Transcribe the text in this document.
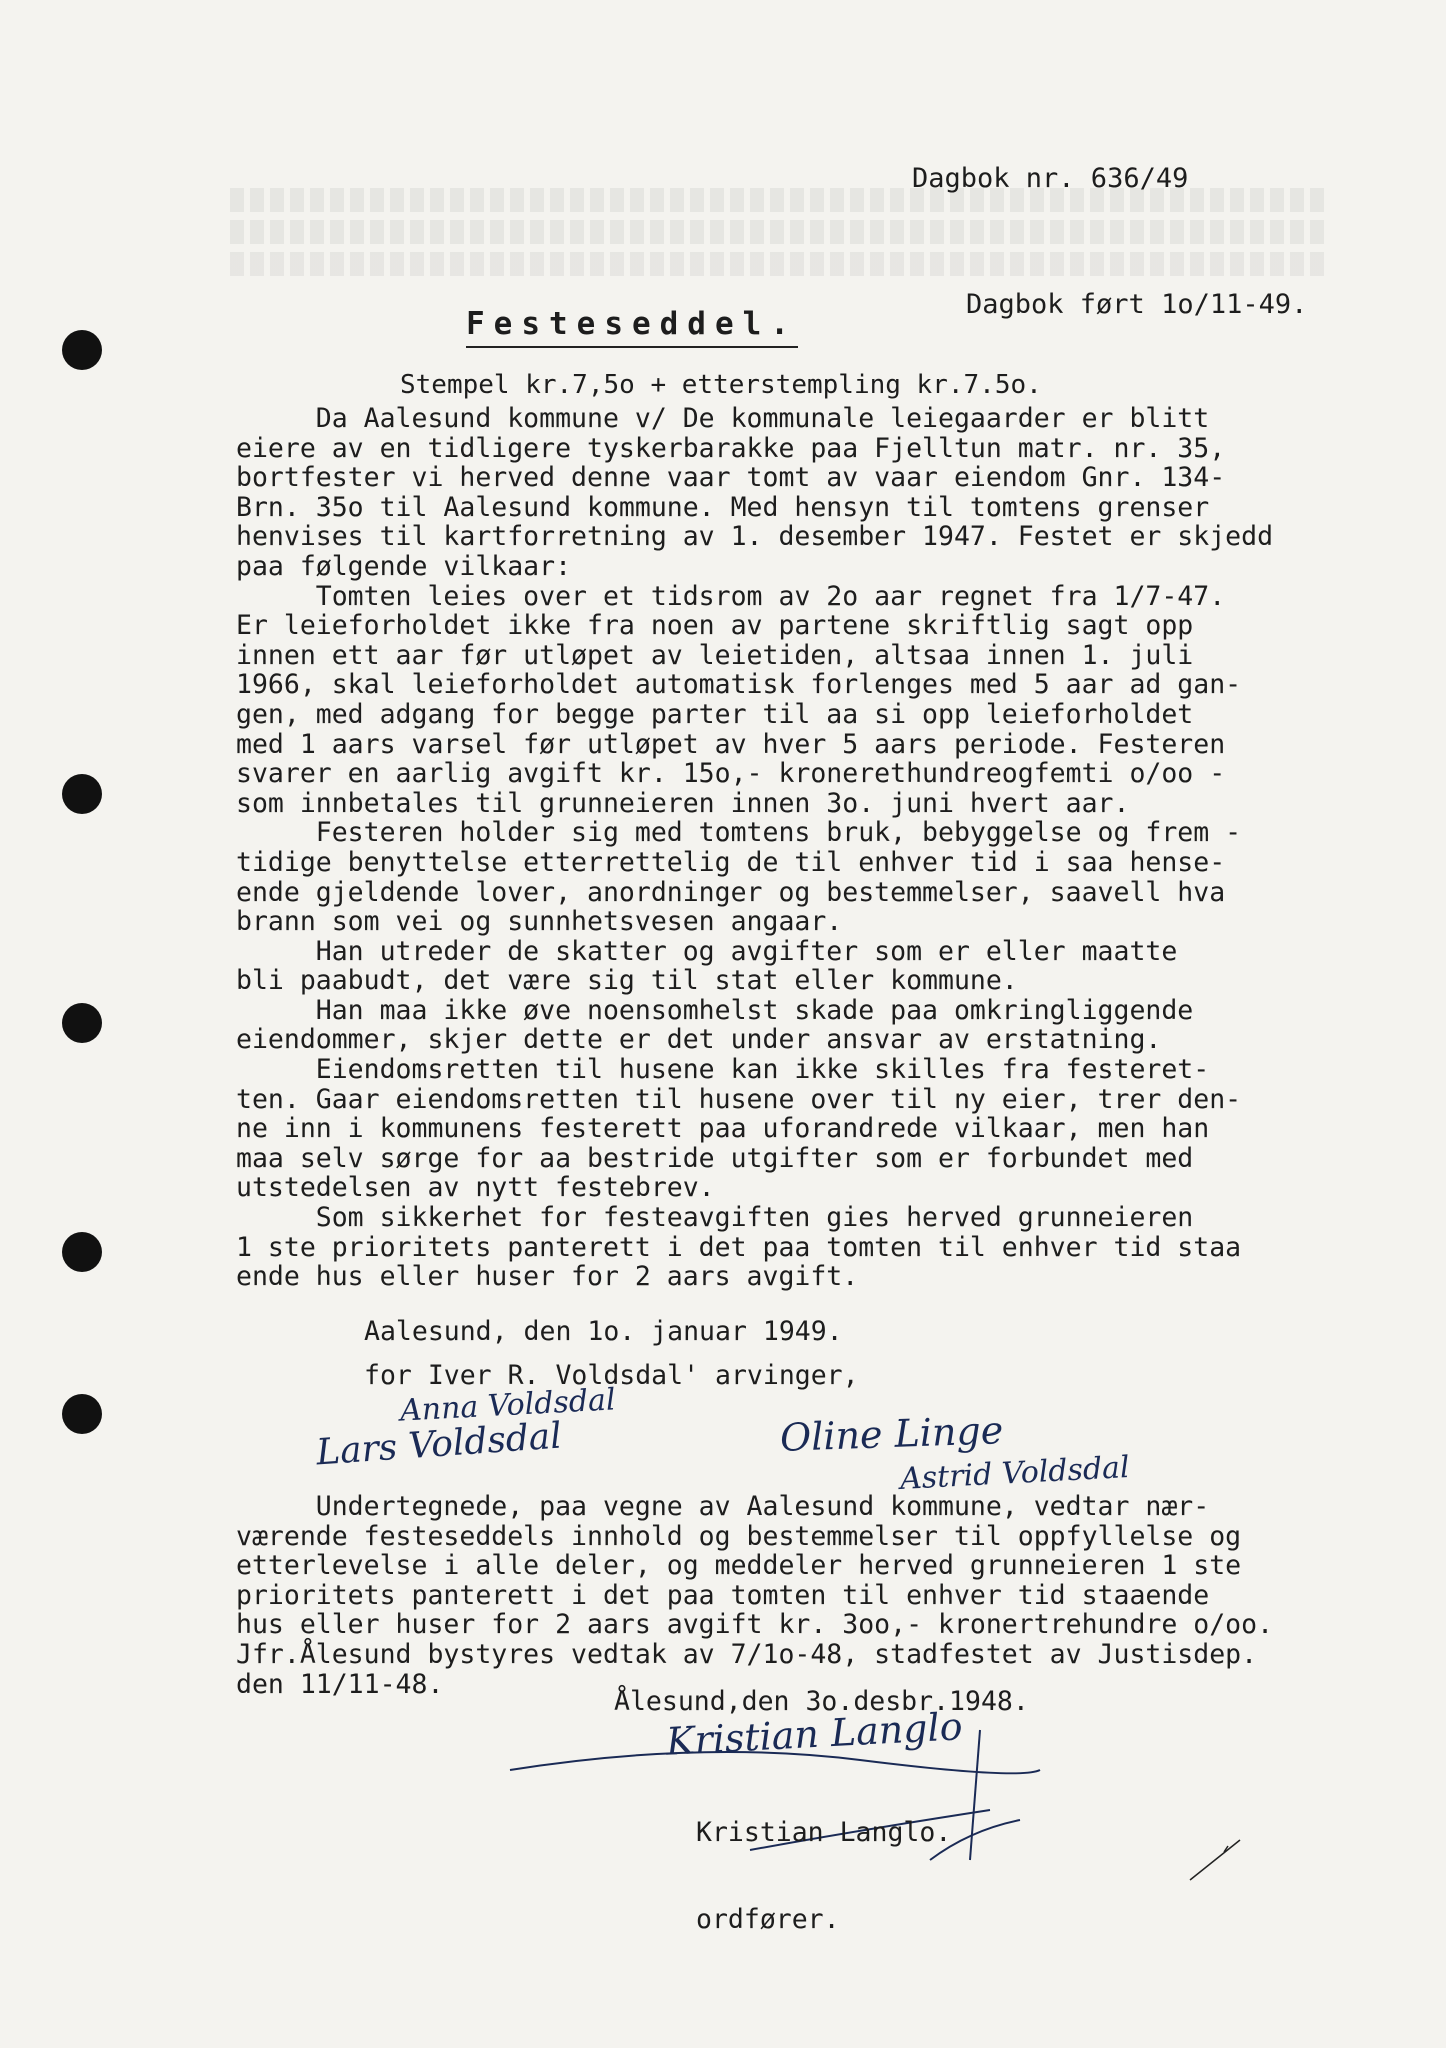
Dagbok nr. 636/49

Dagbok ført 1o/11-49.

Festeseddel.
Stempel kr.7,5o + etterstempling kr.7.5o.
Da Aalesund kommune v/ De kommunale leiegaarder er blitt
eiere av en tidligere tyskerbarakke paa Fjelltun matr. nr. 35,
bortfester vi herved denne vaar tomt av vaar eiendom Gnr. 134-
Brn. 35o til Aalesund kommune. Med hensyn til tomtens grenser
henvises til kartforretning av 1. desember 1947. Festet er skjedd
paa følgende vilkaar:
Tomten leies over et tidsrom av 2o aar regnet fra 1/7-47.
Er leieforholdet ikke fra noen av partene skriftlig sagt opp
innen ett aar før utløpet av leietiden, altsaa innen 1. juli
1966, skal leieforholdet automatisk forlenges med 5 aar ad gan-
gen, med adgang for begge parter til aa si opp leieforholdet
med 1 aars varsel før utløpet av hver 5 aars periode. Festeren
svarer en aarlig avgift kr. 15o,- kronerethundreogfemti o/oo -
som innbetales til grunneieren innen 3o. juni hvert aar.
Festeren holder sig med tomtens bruk, bebyggelse og frem -
tidige benyttelse etterrettelig de til enhver tid i saa hense-
ende gjeldende lover, anordninger og bestemmelser, saavell hva
brann som vei og sunnhetsvesen angaar.
Han utreder de skatter og avgifter som er eller maatte
bli paabudt, det være sig til stat eller kommune.
Han maa ikke øve noensomhelst skade paa omkringliggende
eiendommer, skjer dette er det under ansvar av erstatning.
Eiendomsretten til husene kan ikke skilles fra festeret-
ten. Gaar eiendomsretten til husene over til ny eier, trer den-
ne inn i kommunens festerett paa uforandrede vilkaar, men han
maa selv sørge for aa bestride utgifter som er forbundet med
utstedelsen av nytt festebrev.
Som sikkerhet for festeavgiften gies herved grunneieren
1 ste prioritets panterett i det paa tomten til enhver tid staa
ende hus eller huser for 2 aars avgift.
Aalesund, den 1o. januar 1949.
for Iver R. Voldsdal' arvinger,
Anna Voldsdal
Lars Voldsdal	Oline Linge
Astrid Voldsdal
Undertegnede, paa vegne av Aalesund kommune, vedtar nær-
værende festeseddels innhold og bestemmelser til oppfyllelse og
etterlevelse i alle deler, og meddeler herved grunneieren 1 ste
prioritets panterett i det paa tomten til enhver tid staaende
hus eller huser for 2 aars avgift kr. 3oo,- kronertrehundre o/oo.
Jfr.Ålesund bystyres vedtak av 7/1o-48, stadfestet av Justisdep.
den 11/11-48.
Ålesund,den 3o.desbr.1948.
Kristian Langlo

Kristian Langlo.

ordfører.
